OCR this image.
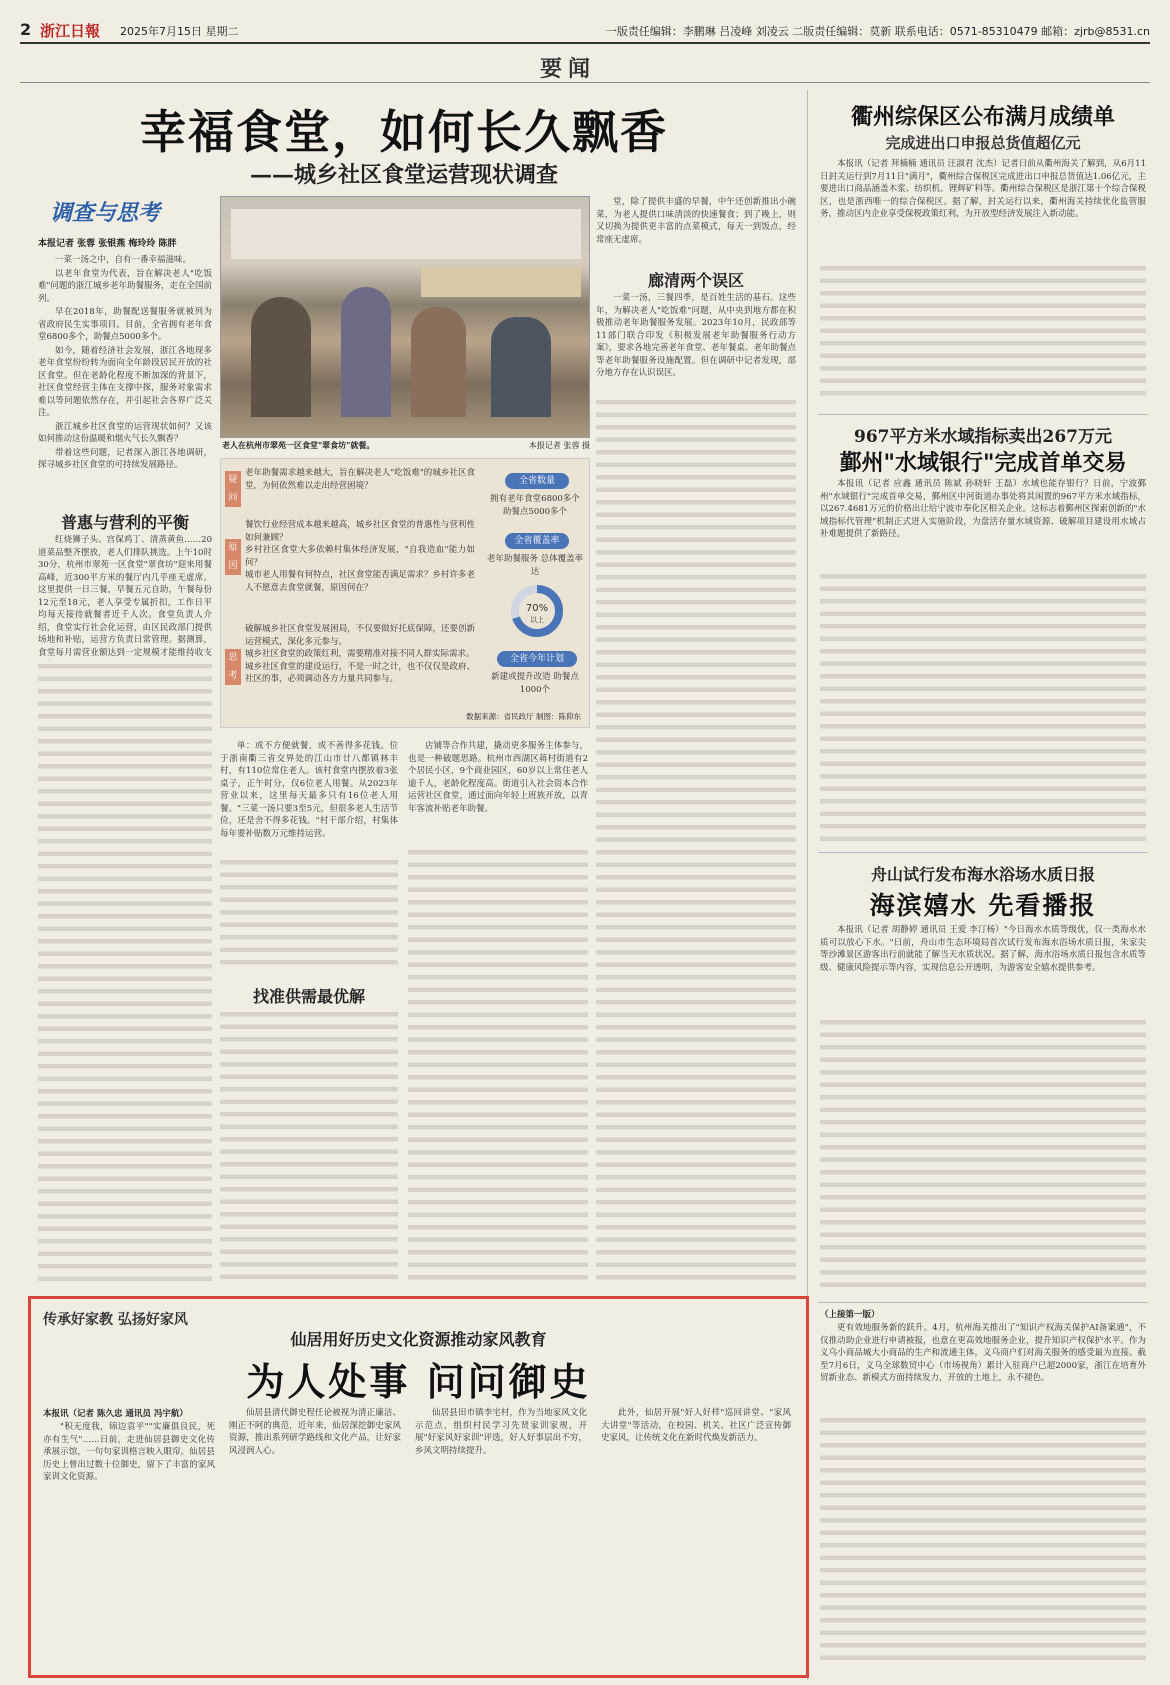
2 浙江日報 2025年7月15日 星期二	一版责任编辑：李鹏琳 吕凌峰 刘凌云 二版责任编辑：莫新 联系电话：0571-85310479 邮箱：zjrb@8531.cn
要闻
幸福食堂，如何长久飘香
——城乡社区食堂运营现状调查
调查与思考
本报记者 张蓉 张银燕 梅玲玲 陈胖

一菜一汤之中，自有一番幸福滋味。

以老年食堂为代表，旨在解决老人"吃饭难"问题的浙江城乡老年助餐服务，走在全国前列。

早在2018年，助餐配送餐服务就被列为省政府民生实事项目。目前，全省拥有老年食堂6800多个，助餐点5000多个。

如今，随着经济社会发展，浙江各地现多老年食堂纷纷转为面向全年龄段居民开放的社区食堂。但在老龄化程度不断加深的背景下，社区食堂经营主体在支撑中探，服务对象需求难以等问题依然存在，并引起社会各界广泛关注。

浙江城乡社区食堂的运营现状如何？又该如何推动这份温暖和烟火气长久飘香？

带着这些问题，记者深入浙江各地调研，探寻城乡社区食堂的可持续发展路径。

普惠与营利的平衡

红烧狮子头、宫保鸡丁、清蒸黄鱼……20道菜品整齐摆放，老人们排队挑选。上午10时30分，杭州市翠苑一区食堂"翠食坊"迎来用餐高峰，近300平方米的餐厅内几乎座无虚席。这里提供一日三餐，早餐五元自助，午餐每份12元至18元，老人享受专属折扣，工作日平均每天接待就餐者近千人次。食堂负责人介绍，食堂实行社会化运营，由区民政部门提供场地和补贴，运营方负责日常管理。据测算，食堂每月需营业额达到一定规模才能维持收支

老人在杭州市翠苑一区食堂"翠食坊"就餐。	本报记者 张蓉 摄
疑问
老年助餐需求越来越大，旨在解决老人"吃饭难"的城乡社区食堂，为何依然难以走出经营困境？
原因
餐饮行业经营成本越来越高，城乡社区食堂的普惠性与营利性如何兼顾？
乡村社区食堂大多依赖村集体经济发展，"自我造血"能力如何？
城市老人用餐有何特点，社区食堂能否满足需求？乡村许多老人不愿意去食堂就餐，原因何在？
思考
破解城乡社区食堂发展困局，不仅要做好托底保障，还要创新运营模式，深化多元参与。
城乡社区食堂的政策红利，需要精准对接不同人群实际需求。
城乡社区食堂的建设运行，不是一时之计，也不仅仅是政府、社区的事，必须调动各方力量共同参与。
全省数量
拥有老年食堂6800多个 助餐点5000多个
全省覆盖率
老年助餐服务 总体覆盖率达
70%
以上
全省今年计划
新建或提升改造 助餐点1000个
数据来源：省民政厅 制图：陈仰东

堂，除了提供丰盛的早餐，中午还创新推出小碗菜，为老人提供口味清淡的快速餐食；到了晚上，则又切换为提供更丰富的点菜模式，每天一到饭点，经常座无虚席。

廊清两个误区

一菜一汤，三餐四季，是百姓生活的基石。这些年，为解决老人"吃饭难"问题，从中央到地方都在积极推动老年助餐服务发展。2023年10月，民政部等11部门联合印发《积极发展老年助餐服务行动方案》，要求各地完善老年食堂、老年餐桌、老年助餐点等老年助餐服务设施配置。但在调研中记者发现，部分地方存在认识误区。

单：或不方便就餐，或不善得多花钱。位于浙南衢三省交界处的江山市廿八都镇林丰村，有110位常住老人。该村食堂内摆放着3张桌子，正午时分，仅6位老人用餐。从2023年营业以来，这里每天最多只有16位老人用餐。"三菜一汤只要3至5元，但很多老人生活节俭，还是舍不得多花钱。"村干部介绍，村集体每年要补贴数万元维持运营。

找准供需最优解

店铺等合作共建，撬动更多服务主体参与，也是一种破题思路。杭州市西湖区蒋村街道有2个居民小区，9个商业园区，60岁以上常住老人逾千人，老龄化程度高。街道引入社会资本合作运营社区食堂，通过面向年轻上班族开放，以青年客流补贴老年助餐。

衢州综保区公布满月成绩单
完成进出口申报总货值超亿元

本报讯（记者 拜楠楠 通讯员 汪淑君 沈杰）记者日前从衢州海关了解到，从6月11日封关运行到7月11日"满月"，衢州综合保税区完成进出口申报总货值达1.06亿元，主要进出口商品涵盖木浆、纺织机、锂辉矿料等。衢州综合保税区是浙江第十个综合保税区，也是浙西唯一的综合保税区。据了解，封关运行以来，衢州海关持续优化监管服务，推动区内企业享受保税政策红利，为开放型经济发展注入新动能。

967平方米水域指标卖出267万元
鄞州"水域银行"完成首单交易

本报讯（记者 应鑫 通讯员 陈斌 孙晓轩 王磊）水域也能存银行？日前，宁波鄞州"水域银行"完成首单交易，鄞州区中河街道办事处将其闲置的967平方米水域指标，以267.4681万元的价格出让给宁波市奉化区相关企业。这标志着鄞州区探索创新的"水域指标代管理"机制正式进入实施阶段，为盘活存量水域资源、破解项目建设用水域占补难题提供了新路径。

舟山试行发布海水浴场水质日报
海滨嬉水 先看播报

本报讯（记者 胡静婷 通讯员 王爱 李汀杨）"今日海水水质等级优，仅一类海水水质可以放心下水。"日前，舟山市生态环境局首次试行发布海水浴场水质日报，朱家尖等沙滩景区游客出行前就能了解当天水质状况。据了解，海水浴场水质日报包含水质等级、健康风险提示等内容，实现信息公开透明，为游客安全嬉水提供参考。

（上接第一版）

更有效地服务新的跃升。4月，杭州海关推出了"知识产权海关保护AI备案通"，不仅推动助企业进行申请被报，也意在更高效地服务企业，提升知识产权保护水平。作为义乌小商品城大小商品的生产和流通主体，义乌商户们对海关服务的感受最为直接。截至7月6日，义乌全球数贸中心（市场视角）累计入驻商户已超2000家，浙江在培育外贸新业态、新模式方面持续发力，开放的土地上，永不褪色。

传承好家教 弘扬好家风
仙居用好历史文化资源推动家风教育
为人处事 问问御史
本报讯（记者 陈久忠 通讯员 冯宇航）

"积无度我，锦边袁平""实廉俱良民，死亦有生气"……日前，走进仙居县御史文化传承展示馆，一句句家训格言映入眼帘。仙居县历史上曾出过数十位御史，留下了丰富的家风家训文化资源。

仙居县清代御史程任论被视为清正廉洁、刚正不阿的典范，近年来，仙居深挖御史家风资源，推出系列研学路线和文化产品，让好家风浸润人心。

仙居县田市镇李宅村，作为当地家风文化示范点，组织村民学习先贤家训家规，开展"好家风好家训"评选，好人好事层出不穷，乡风文明持续提升。

此外，仙居开展"好人好样"巡回讲堂、"家风大讲堂"等活动，在校园、机关、社区广泛宣传御史家风，让传统文化在新时代焕发新活力。
